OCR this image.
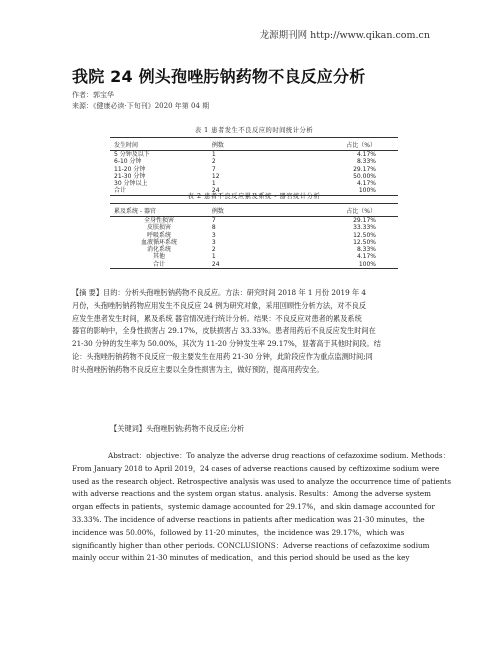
龙源期刊网 http://www.qikan.com.cn
我院 24 例头孢唑肟钠药物不良反应分析
作者：郭宝华
来源：《健康必读·下旬刊》2020 年第 04 期
表 1 患者发生不良反应的时间统计分析
发生时间	例数	占比（%）
5 分钟及以下	1	4.17%
6-10 分钟	2	8.33%
11-20 分钟	7	29.17%
21-30 分钟	12	50.00%
30 分钟以上	1	4.17%
合计	24	100%
表 2 患者不良反应累及系统 - 器官统计分析
累及系统 - 器官	例数	占比（%）
全身性损害	7	29.17%
皮肤损害	8	33.33%
呼吸系统	3	12.50%
血液循环系统	3	12.50%
消化系统	2	8.33%
其他	1	4.17%
合计	24	100%

【摘 要】目的：分析头孢唑肟钠药物不良反应。方法：研究时间 2018 年 1 月份 2019 年 4
月份，头孢唑肟钠药物应用发生不良反应 24 例为研究对象，采用回顾性分析方法，对不良反
应发生患者发生时间，累及系统 器官情况进行统计分析。结果：不良反应对患者的累及系统
器官的影响中，全身性损害占 29.17%，皮肤损害占 33.33%。患者用药后不良反应发生时间在
21-30 分钟的发生率为 50.00%，其次为 11-20 分钟发生率 29.17%，显著高于其他时间段。结
论：头孢唑肟钠药物不良反应一般主要发生在用药 21-30 分钟，此阶段应作为重点监测时间;同
时头孢唑肟钠药物不良反应主要以全身性损害为主，做好预防，提高用药安全。

【关键词】头孢唑肟钠;药物不良反应;分析

Abstract：objective：To analyze the adverse drug reactions of cefazoxime sodium. Methods：
From January 2018 to April 2019，24 cases of adverse reactions caused by ceftizoxime sodium were
used as the research object. Retrospective analysis was used to analyze the occurrence time of patients
with adverse reactions and the system organ status. analysis. Results：Among the adverse system
organ effects in patients，systemic damage accounted for 29.17%，and skin damage accounted for
33.33%. The incidence of adverse reactions in patients after medication was 21-30 minutes，the
incidence was 50.00%，followed by 11-20 minutes，the incidence was 29.17%，which was
significantly higher than other periods. CONCLUSIONS：Adverse reactions of cefazoxime sodium
mainly occur within 21-30 minutes of medication，and this period should be used as the key
